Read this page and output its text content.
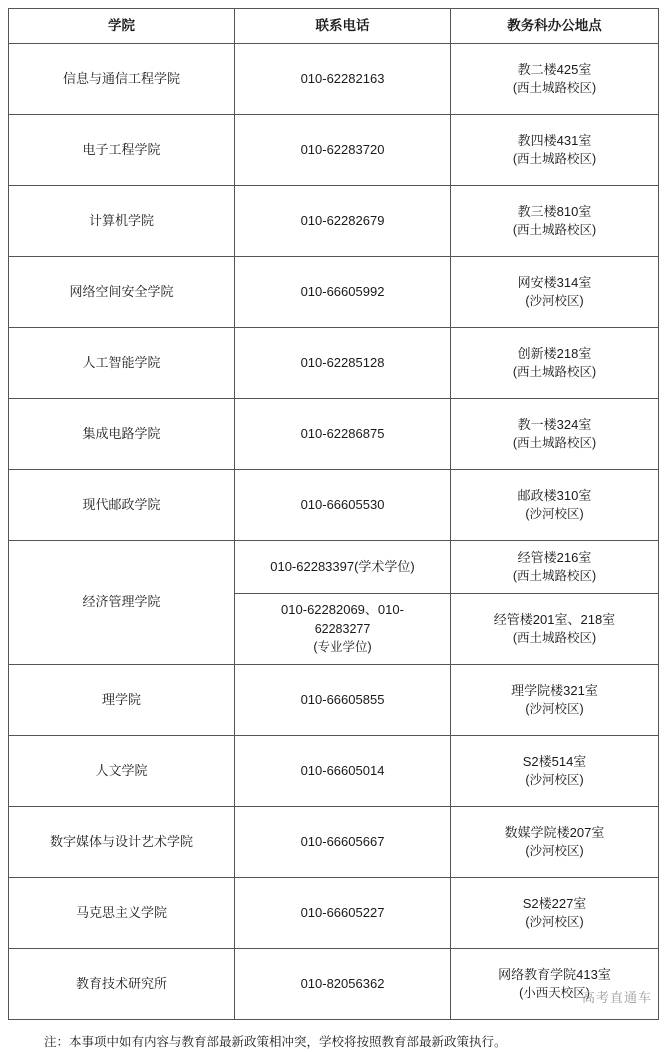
学院	联系电话	教务科办公地点
信息与通信工程学院	010-62282163	教二楼425室
(西土城路校区)

电子工程学院	010-62283720	教四楼431室
(西土城路校区)

计算机学院	010-62282679	教三楼810室
(西土城路校区)

网络空间安全学院	010-66605992	网安楼314室
(沙河校区)

人工智能学院	010-62285128	创新楼218室
(西土城路校区)

集成电路学院	010-62286875	教一楼324室
(西土城路校区)

现代邮政学院	010-66605530	邮政楼310室
(沙河校区)

经济管理学院	010-62283397(学术学位)	经管楼216室
(西土城路校区)

	010-62282069、010-
62283277
(专业学位)	经管楼201室、218室
(西土城路校区)

理学院	010-66605855	理学院楼321室
(沙河校区)

人文学院	010-66605014	S2楼514室
(沙河校区)

数字媒体与设计艺术学院	010-66605667	数媒学院楼207室
(沙河校区)

马克思主义学院	010-66605227	S2楼227室
(沙河校区)

教育技术研究所	010-82056362	网络教育学院413室
(小西天校区)
注：本事项中如有内容与教育部最新政策相冲突，学校将按照教育部最新政策执行。
高考直通车
